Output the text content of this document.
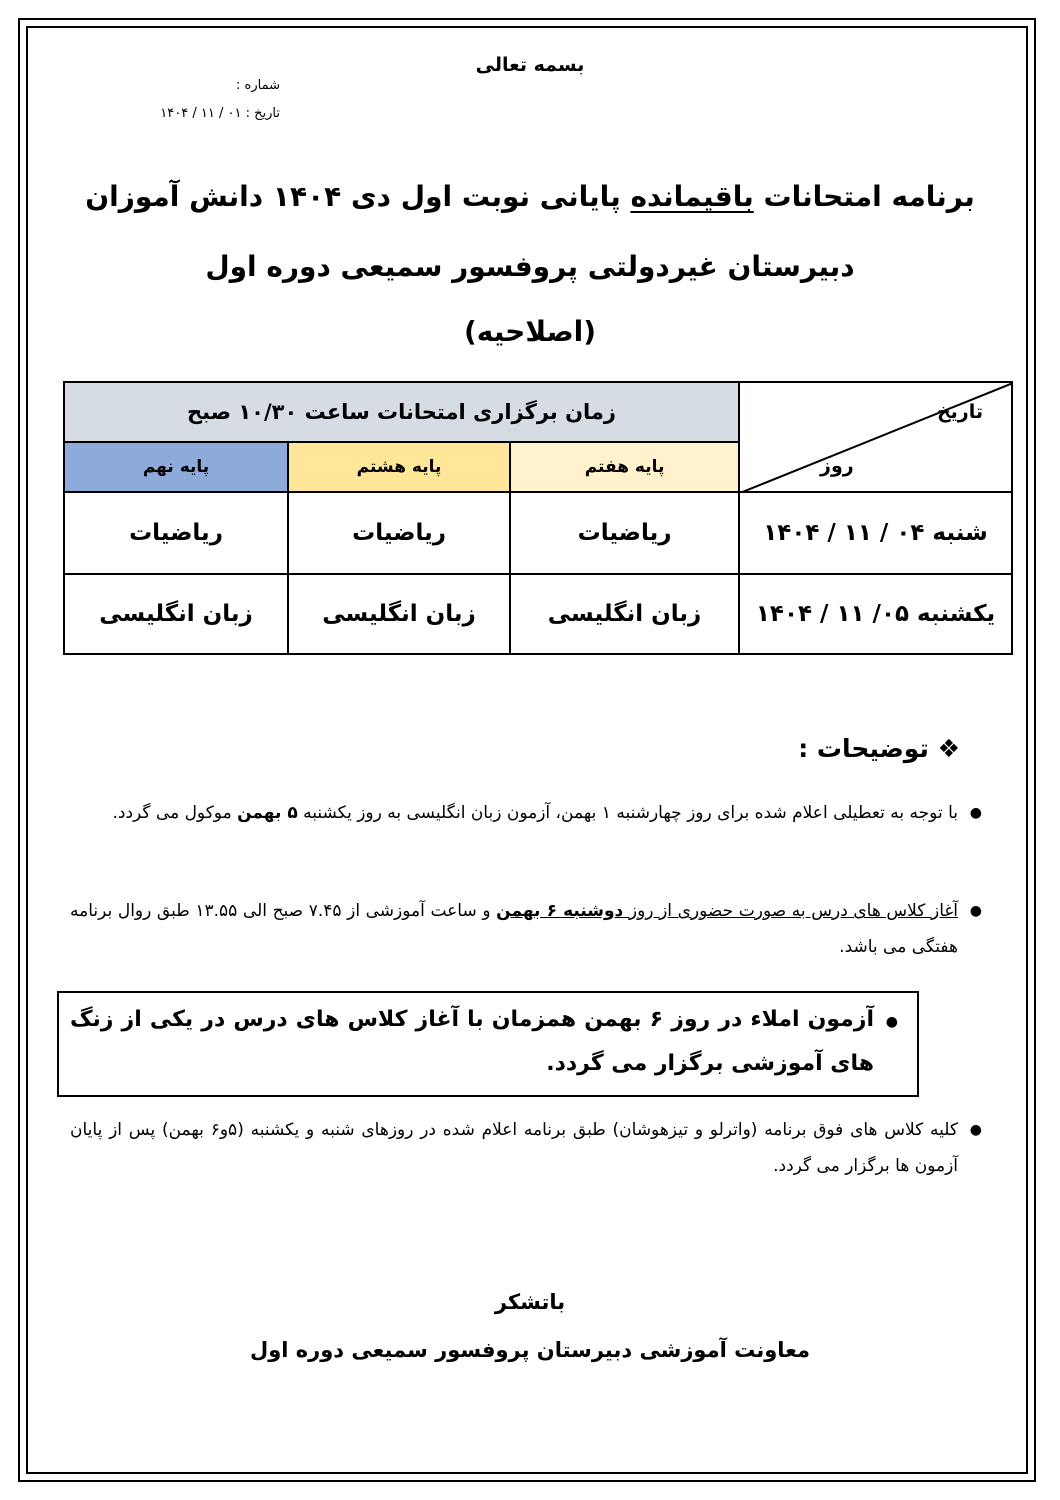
بسمه تعالی
شماره :
تاریخ : ۰۱ / ۱۱ / ۱۴۰۴
برنامه امتحانات باقیمانده پایانی نوبت اول دی ۱۴۰۴ دانش آموزان
دبیرستان غیردولتی پروفسور سمیعی دوره اول
(اصلاحیه)
تاریخ
روز	زمان برگزاری امتحانات ساعت ۱۰/۳۰ صبح		
	پایه هفتم	پایه هشتم	پایه نهم
شنبه ۰۴ / ۱۱ / ۱۴۰۴	ریاضیات	ریاضیات	ریاضیات
یکشنبه ۰۵/ ۱۱ / ۱۴۰۴	زبان انگلیسی	زبان انگلیسی	زبان انگلیسی
❖ توضیحات :
●
با توجه به تعطیلی اعلام شده برای روز چهارشنبه ۱ بهمن، آزمون زبان انگلیسی به روز یکشنبه ۵ بهمن موکول می گردد.
●
آغاز کلاس های درس به صورت حضوری از روز دوشنبه ۶ بهمن و ساعت آموزشی از ۷.۴۵ صبح الی ۱۳.۵۵ طبق روال برنامه هفتگی می باشد.
●
آزمون املاء در روز ۶ بهمن همزمان با آغاز کلاس های درس در یکی از زنگ های آموزشی برگزار می گردد.
●
کلیه کلاس های فوق برنامه (واترلو و تیزهوشان) طبق برنامه اعلام شده در روزهای شنبه و یکشنبه (۵و۶ بهمن) پس از پایان آزمون ها برگزار می گردد.
باتشکر
معاونت آموزشی دبیرستان پروفسور سمیعی دوره اول
